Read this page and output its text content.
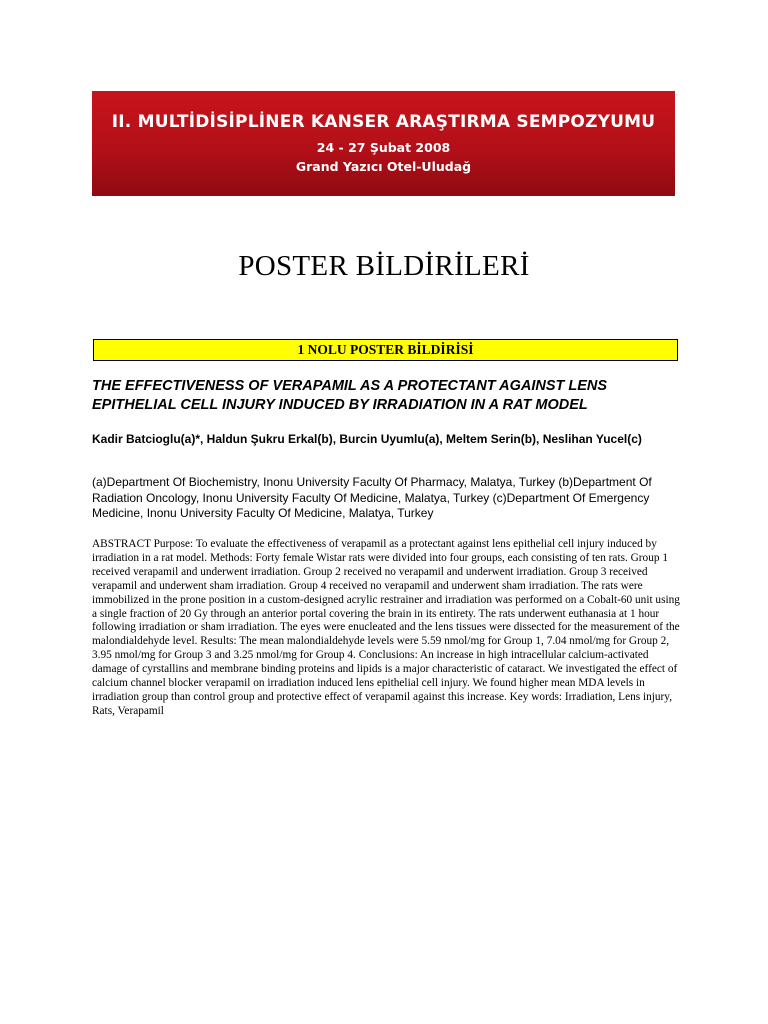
II. MULTİDİSİPLİNER KANSER ARAŞTIRMA SEMPOZYUMU
24 - 27 Şubat 2008
Grand Yazıcı Otel-Uludağ
POSTER BİLDİRİLERİ
1 NOLU POSTER BİLDİRİSİ
THE EFFECTIVENESS OF VERAPAMIL AS A PROTECTANT AGAINST LENS EPITHELIAL CELL INJURY INDUCED BY IRRADIATION IN A RAT MODEL
Kadir Batcioglu(a)*, Haldun Şukru Erkal(b), Burcin Uyumlu(a), Meltem Serin(b), Neslihan Yucel(c)
(a)Department Of Biochemistry, Inonu University Faculty Of Pharmacy, Malatya, Turkey (b)Department Of Radiation Oncology, Inonu University Faculty Of Medicine, Malatya, Turkey (c)Department Of Emergency Medicine, Inonu University Faculty Of Medicine, Malatya, Turkey
ABSTRACT Purpose: To evaluate the effectiveness of verapamil as a protectant against lens epithelial cell injury induced by irradiation in a rat model. Methods: Forty female Wistar rats were divided into four groups, each consisting of ten rats. Group 1 received verapamil and underwent irradiation. Group 2 received no verapamil and underwent irradiation. Group 3 received verapamil and underwent sham irradiation. Group 4 received no verapamil and underwent sham irradiation. The rats were immobilized in the prone position in a custom-designed acrylic restrainer and irradiation was performed on a Cobalt-60 unit using a single fraction of 20 Gy through an anterior portal covering the brain in its entirety. The rats underwent euthanasia at 1 hour following irradiation or sham irradiation. The eyes were enucleated and the lens tissues were dissected for the measurement of the malondialdehyde level. Results: The mean malondialdehyde levels were 5.59 nmol/mg for Group 1, 7.04 nmol/mg for Group 2, 3.95 nmol/mg for Group 3 and 3.25 nmol/mg for Group 4. Conclusions: An increase in high intracellular calcium-activated damage of cyrstallins and membrane binding proteins and lipids is a major characteristic of cataract. We investigated the effect of calcium channel blocker verapamil on irradiation induced lens epithelial cell injury. We found higher mean MDA levels in irradiation group than control group and protective effect of verapamil against this increase. Key words: Irradiation, Lens injury, Rats, Verapamil
